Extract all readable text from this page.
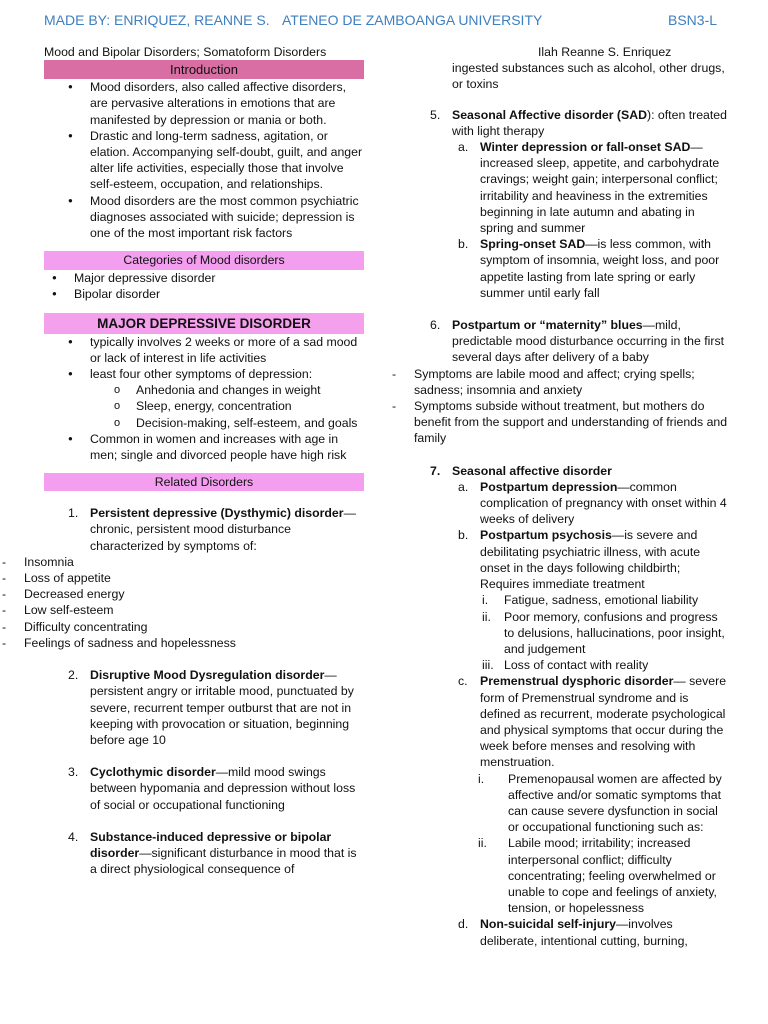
MADE BY: ENRIQUEZ, REANNE S. ATENEO DE ZAMBOANGA UNIVERSITY	BSN3-L

Mood and Bipolar Disorders; Somatoform Disorders

Introduction
● Mood disorders, also called affective disorders, are pervasive alterations in emotions that are manifested by depression or mania or both.
● Drastic and long-term sadness, agitation, or elation. Accompanying self-doubt, guilt, and anger alter life activities, especially those that involve self-esteem, occupation, and relationships.
● Mood disorders are the most common psychiatric diagnoses associated with suicide; depression is one of the most important risk factors
Categories of Mood disorders
● Major depressive disorder
● Bipolar disorder
MAJOR DEPRESSIVE DISORDER
● typically involves 2 weeks or more of a sad mood or lack of interest in life activities
● least four other symptoms of depression:
o Anhedonia and changes in weight
o Sleep, energy, concentration
o Decision-making, self-esteem, and goals
● Common in women and increases with age in men; single and divorced people have high risk
Related Disorders
1. Persistent depressive (Dysthymic) disorder—chronic, persistent mood disturbance characterized by symptoms of:
- Insomnia
- Loss of appetite
- Decreased energy
- Low self-esteem
- Difficulty concentrating
- Feelings of sadness and hopelessness
2. Disruptive Mood Dysregulation disorder— persistent angry or irritable mood, punctuated by severe, recurrent temper outburst that are not in keeping with provocation or situation, beginning before age 10
3. Cyclothymic disorder—mild mood swings between hypomania and depression without loss of social or occupational functioning
4. Substance-induced depressive or bipolar disorder—significant disturbance in mood that is a direct physiological consequence of

Ilah Reanne S. Enriquez

ingested substances such as alcohol, other drugs, or toxins

5. Seasonal Affective disorder (SAD): often treated with light therapy
a. Winter depression or fall-onset SAD— increased sleep, appetite, and carbohydrate cravings; weight gain; interpersonal conflict; irritability and heaviness in the extremities beginning in late autumn and abating in spring and summer
b. Spring-onset SAD—is less common, with symptom of insomnia, weight loss, and poor appetite lasting from late spring or early summer until early fall
6. Postpartum or “maternity” blues—mild, predictable mood disturbance occurring in the first several days after delivery of a baby
- Symptoms are labile mood and affect; crying spells; sadness; insomnia and anxiety
- Symptoms subside without treatment, but mothers do benefit from the support and understanding of friends and family
7. Seasonal affective disorder
a. Postpartum depression—common complication of pregnancy with onset within 4 weeks of delivery
b. Postpartum psychosis—is severe and debilitating psychiatric illness, with acute onset in the days following childbirth; Requires immediate treatment
i. Fatigue, sadness, emotional liability
ii. Poor memory, confusions and progress to delusions, hallucinations, poor insight, and judgement
iii. Loss of contact with reality
c. Premenstrual dysphoric disorder— severe form of Premenstrual syndrome and is defined as recurrent, moderate psychological and physical symptoms that occur during the week before menses and resolving with menstruation.
i. Premenopausal women are affected by affective and/or somatic symptoms that can cause severe dysfunction in social or occupational functioning such as:
ii. Labile mood; irritability; increased interpersonal conflict; difficulty concentrating; feeling overwhelmed or unable to cope and feelings of anxiety, tension, or hopelessness
d. Non-suicidal self-injury—involves deliberate, intentional cutting, burning,
